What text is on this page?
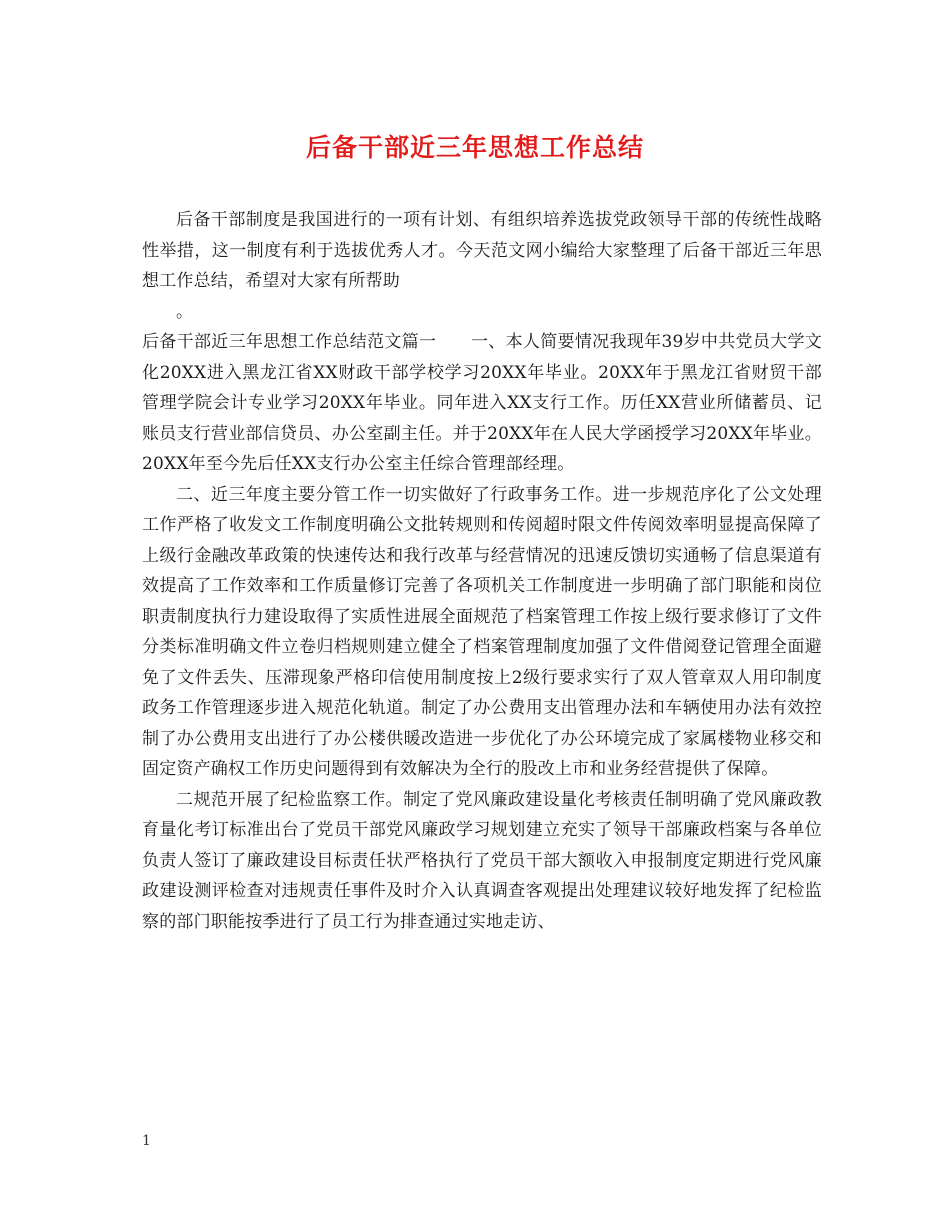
后备干部近三年思想工作总结

后备干部制度是我国进行的一项有计划、有组织培养选拔党政领导干部的传统性战略性举措，这一制度有利于选拔优秀人才。今天范文网小编给大家整理了后备干部近三年思想工作总结，希望对大家有所帮助

。

后备干部近三年思想工作总结范文篇一　　一、本人简要情况我现年39岁中共党员大学文化20XX进入黑龙江省XX财政干部学校学习20XX年毕业。20XX年于黑龙江省财贸干部管理学院会计专业学习20XX年毕业。同年进入XX支行工作。历任XX营业所储蓄员、记账员支行营业部信贷员、办公室副主任。并于20XX年在人民大学函授学习20XX年毕业。20XX年至今先后任XX支行办公室主任综合管理部经理。

二、近三年度主要分管工作一切实做好了行政事务工作。进一步规范序化了公文处理工作严格了收发文工作制度明确公文批转规则和传阅超时限文件传阅效率明显提高保障了上级行金融改革政策的快速传达和我行改革与经营情况的迅速反馈切实通畅了信息渠道有效提高了工作效率和工作质量修订完善了各项机关工作制度进一步明确了部门职能和岗位职责制度执行力建设取得了实质性进展全面规范了档案管理工作按上级行要求修订了文件分类标准明确文件立卷归档规则建立健全了档案管理制度加强了文件借阅登记管理全面避免了文件丢失、压滞现象严格印信使用制度按上2级行要求实行了双人管章双人用印制度政务工作管理逐步进入规范化轨道。制定了办公费用支出管理办法和车辆使用办法有效控制了办公费用支出进行了办公楼供暖改造进一步优化了办公环境完成了家属楼物业移交和固定资产确权工作历史问题得到有效解决为全行的股改上市和业务经营提供了保障。

二规范开展了纪检监察工作。制定了党风廉政建设量化考核责任制明确了党风廉政教育量化考订标准出台了党员干部党风廉政学习规划建立充实了领导干部廉政档案与各单位负责人签订了廉政建设目标责任状严格执行了党员干部大额收入申报制度定期进行党风廉政建设测评检查对违规责任事件及时介入认真调查客观提出处理建议较好地发挥了纪检监察的部门职能按季进行了员工行为排查通过实地走访、

1
